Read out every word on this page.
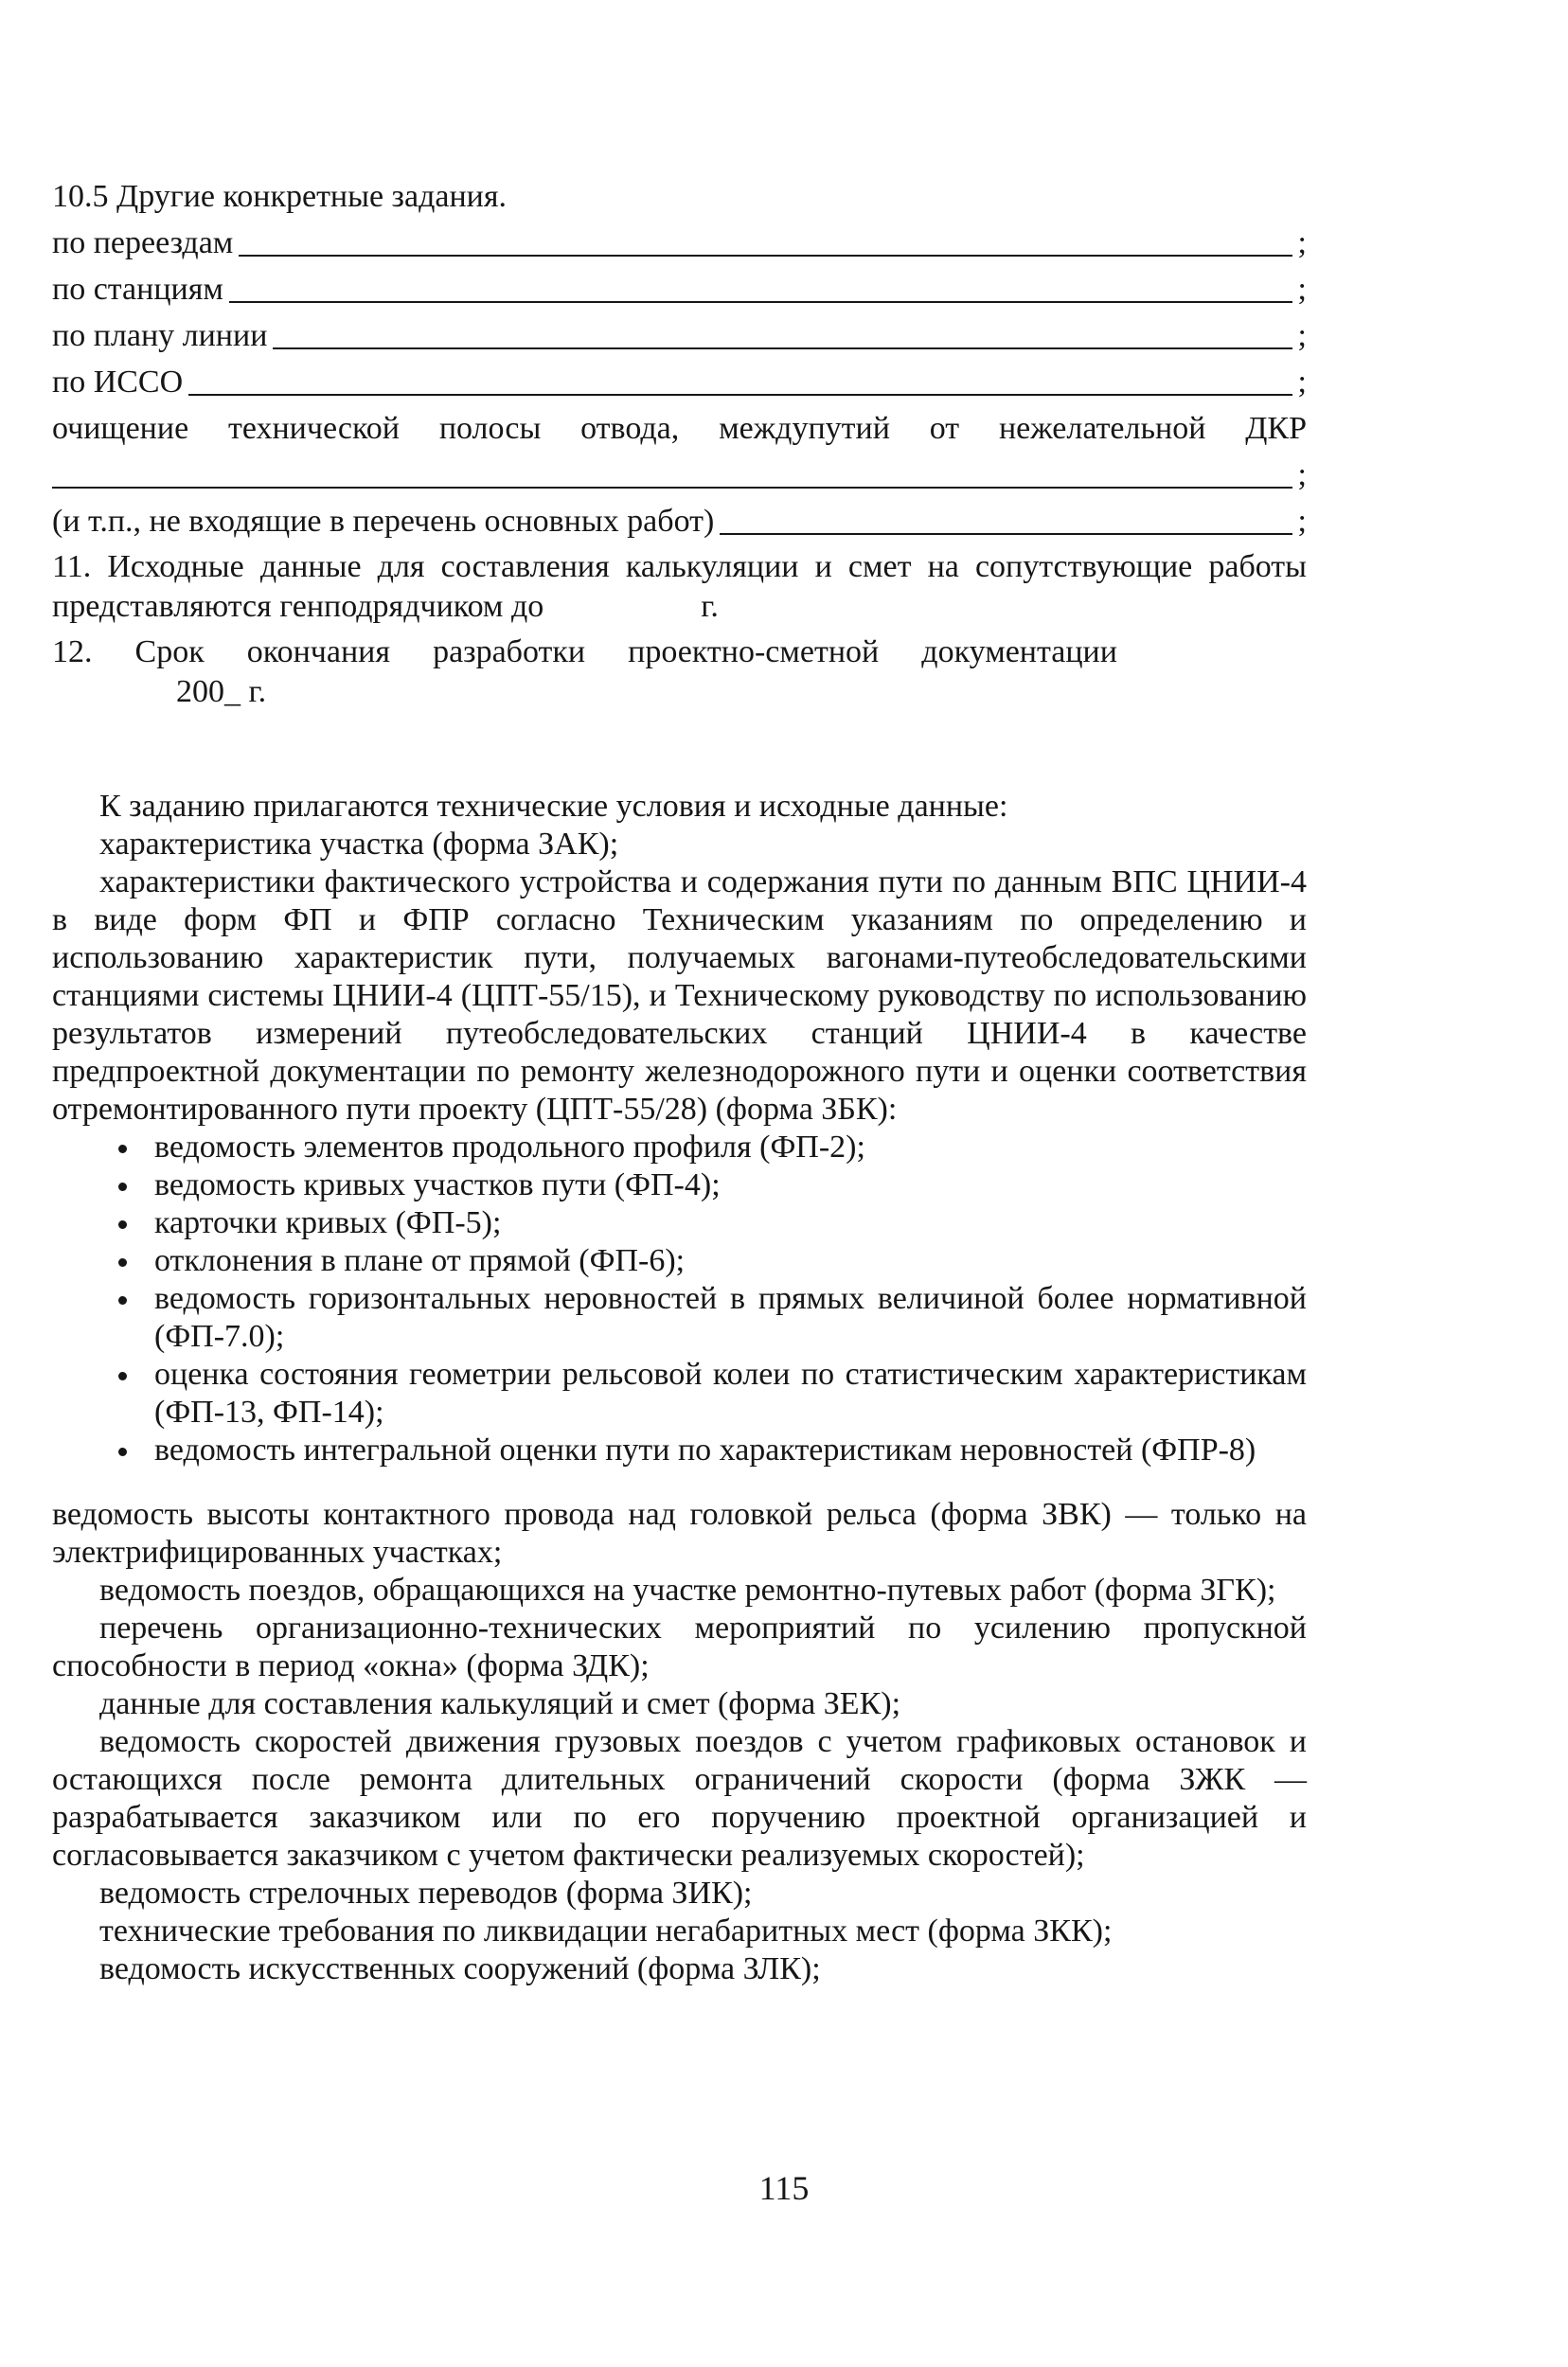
10.5 Другие конкретные задания.
по переездам	;
по станциям	;
по плану линии	;
по ИССО	;

очищение технической полосы отвода, междупутий от нежелательной ДКР

;
(и т.п., не входящие в перечень основных работ)	;

11. Исходные данные для составления калькуляции и смет на сопутствующие работы представляются генподрядчиком до	г.

12. Срок окончания разработки проектно-сметной документации

200_ г.

К заданию прилагаются технические условия и исходные данные:

характеристика участка (форма ЗАК);

характеристики фактического устройства и содержания пути по данным ВПС ЦНИИ-4 в виде форм ФП и ФПР согласно Техническим указаниям по определению и использованию характеристик пути, получаемых вагонами-путеобследовательскими станциями системы ЦНИИ-4 (ЦПТ-55/15), и Техническому руководству по использованию результатов измерений путеобследовательских станций ЦНИИ-4 в качестве предпроектной документации по ремонту железнодорожного пути и оценки соответствия отремонтированного пути проекту (ЦПТ-55/28) (форма ЗБК):

ведомость элементов продольного профиля (ФП-2);
ведомость кривых участков пути (ФП-4);
карточки кривых (ФП-5);
отклонения в плане от прямой (ФП-6);
ведомость горизонтальных неровностей в прямых величиной более нормативной (ФП-7.0);
оценка состояния геометрии рельсовой колеи по статистическим характеристикам (ФП-13, ФП-14);
ведомость интегральной оценки пути по характеристикам неровностей (ФПР-8)

ведомость высоты контактного провода над головкой рельса (форма ЗВК) — только на электрифицированных участках;

ведомость поездов, обращающихся на участке ремонтно-путевых работ (форма ЗГК);

перечень организационно-технических мероприятий по усилению пропускной способности в период «окна» (форма ЗДК);

данные для составления калькуляций и смет (форма ЗЕК);

ведомость скоростей движения грузовых поездов с учетом графиковых остановок и остающихся после ремонта длительных ограничений скорости (форма ЗЖК — разрабатывается заказчиком или по его поручению проектной организацией и согласовывается заказчиком с учетом фактически реализуемых скоростей);

ведомость стрелочных переводов (форма ЗИК);

технические требования по ликвидации негабаритных мест (форма ЗКК);

ведомость искусственных сооружений (форма ЗЛК);

115
